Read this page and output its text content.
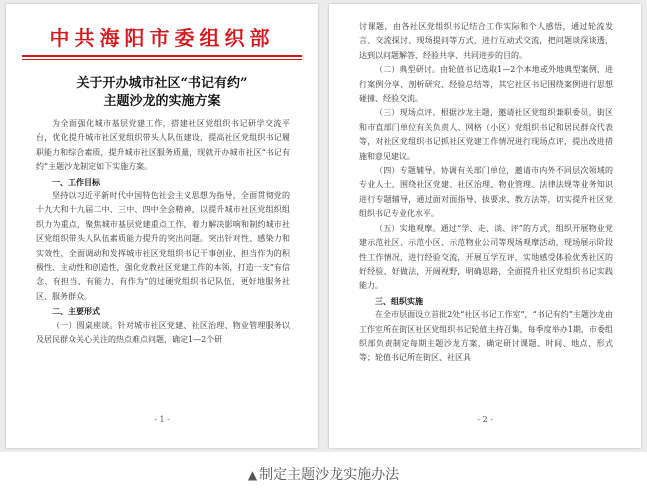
中共海阳市委组织部
关于开办城市社区“书记有约”
主题沙龙的实施方案

为全面强化城市基层党建工作，搭建社区党组织书记研学交流平台，优化提升城市社区党组织带头人队伍建设，提高社区党组织书记履职能力和综合素质，提升城市社区服务质量，现就开办城市社区“书记有约”主题沙龙制定如下实施方案。

一、工作目标

坚持以习近平新时代中国特色社会主义思想为指导，全面贯彻党的十九大和十九届二中、三中、四中全会精神，以提升城市社区党组织组织力为重点，聚焦城市基层党建重点工作，着力解决影响和制约城市社区党组织带头人队伍素质能力提升的突出问题。突出针对性、感染力和实效性，全面调动和发挥城市社区党组织书记干事创业、担当作为的积极性、主动性和创造性，强化党教社区党建工作的本领，打造一支“有信念、有担当、有能力、有作为”的过硬党组织书记队伍，更好地服务社区、服务群众。

二、主要形式

（一）圆桌座谈。针对城市社区党建、社区治理、物业管理服务以及居民群众关心关注的热点难点问题，确定1—2个研

- 1 -

讨课题，由各社区党组织书记结合工作实际和个人感悟，通过轮流发言、交流探讨、现场提问等方式，进行互动式交流，把问题谈深谈透，达到以问题解答、经验共享、共同进步的目的。

（二）典型研讨。由轮值书记选取1—2个本地或外地典型案例，进行案例分享、剖析研究、经验总结等，其它社区书记围绕案例进行思想碰撞、经验交流。

（三）现场点评。根据沙龙主题，邀请社区党组织兼职委员，街区和市直部门单位有关负责人、网格（小区）党组织书记和居民群众代表等，对社区党组织书记抓社区党建工作情况进行现场点评，提出改进措施和意见建议。

（四）专题辅导。协调有关部门单位，邀请市内外不同层次领域的专业人士，围绕社区党建、社区治理、物业管理、法律法规等业务知识进行专题辅导，通过面对面指导、拔要求、教方法等，切实提升社区党组织书记专业化水平。

（五）实地观摩。通过“学、走、谈、评”的方式，组织开展物业党建示范社区、示范小区、示范物业公司等现场观摩活动，现场展示阶段性工作情况，进行经验交流，开展互学互评，实地感受体验优秀社区的好经验、好做法，开阔视野，明确思路，全面提升社区党组织书记实践能力。

三、组织实施

在全市层面设立首批2处“社区书记工作室”，“书记有约”主题沙龙由工作室所在街区社区党组织书记轮值主持召集，每季度举办1期，市委组织部负责制定每期主题沙龙方案，确定研讨课题、时间、地点、形式等；轮值书记所在街区、社区具

- 2 -
▲ 制定主题沙龙实施办法
